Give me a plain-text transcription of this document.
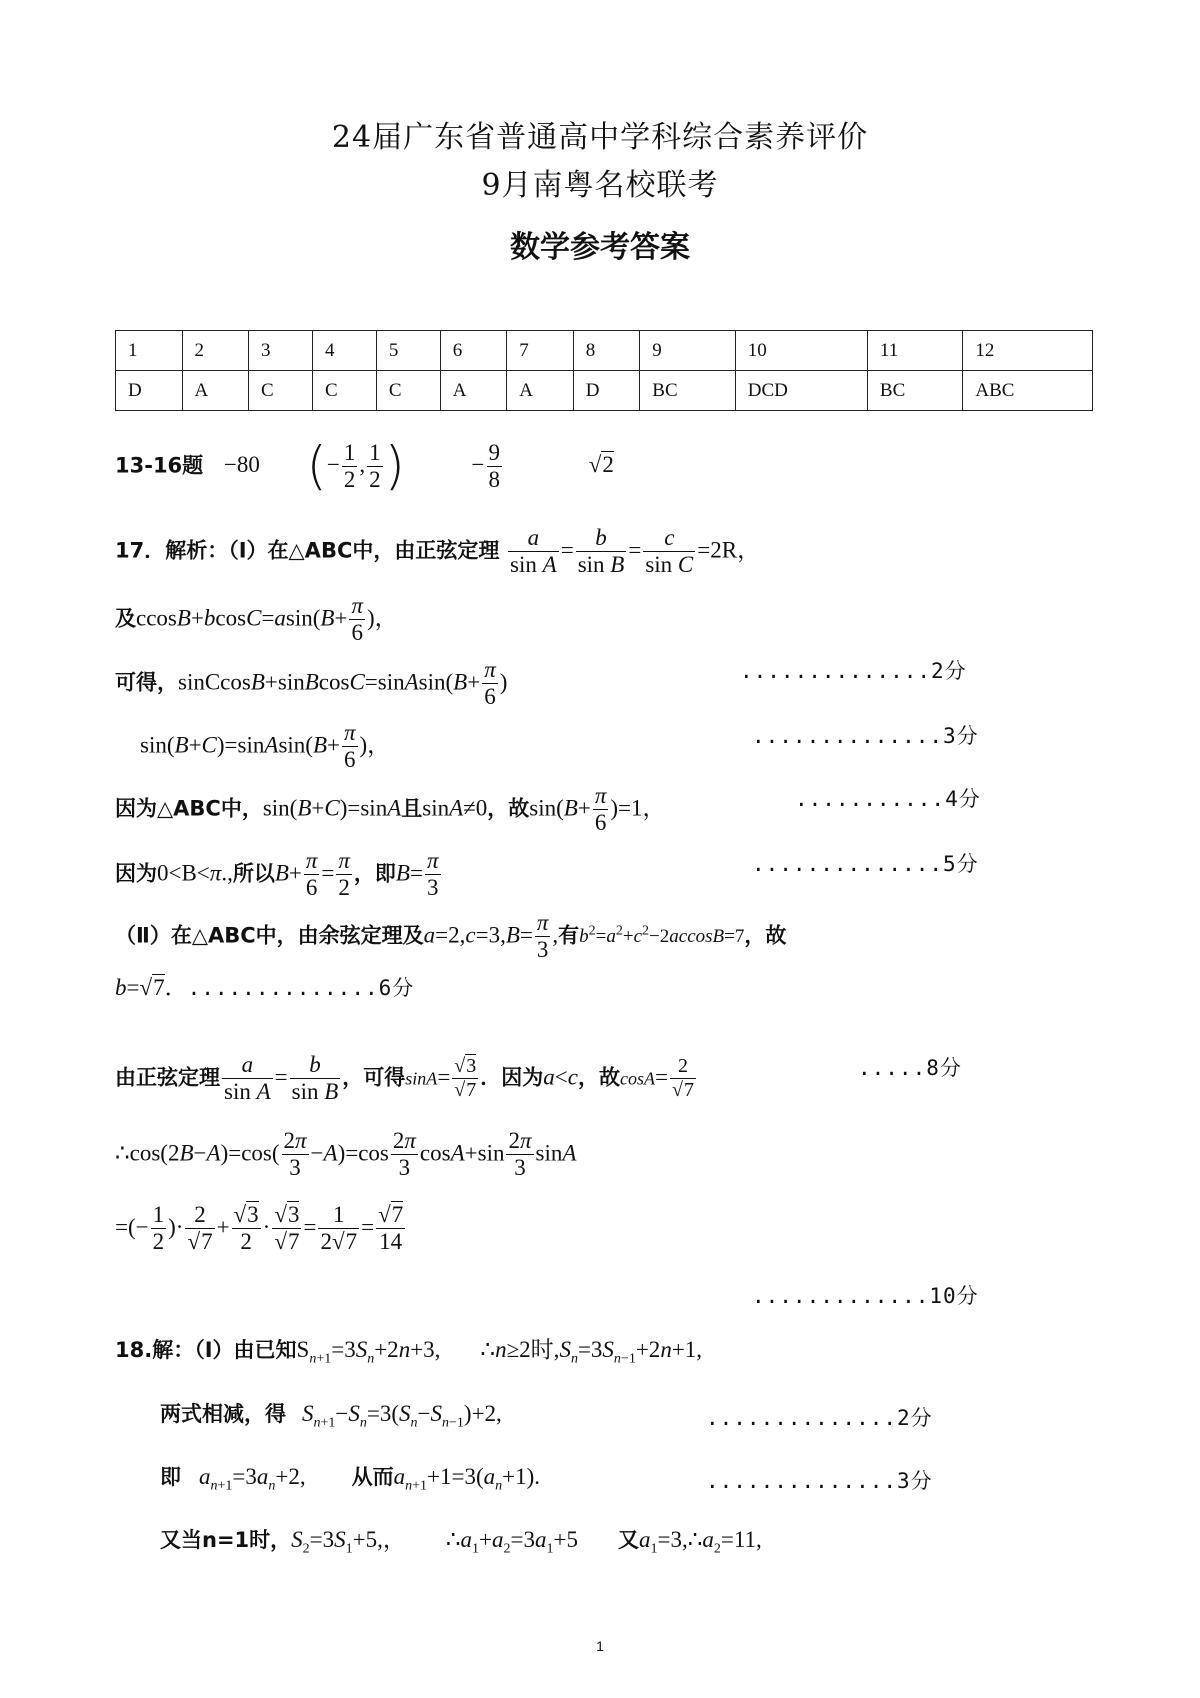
24届广东省普通高中学科综合素养评价
9月南粤名校联考
数学参考答案
1	2	3	4	5	6	7	8	9	10	11	12
D	A	C	C	C	A	A	D	BC	DCD	BC	ABC
13-16题 −80 (− $\frac{1}{2}$ , $\frac{1}{2}$ )	− $\frac{9}{8}$	√2
17．解析：（Ⅰ）在△ABC中，由正弦定理 $\frac{a}{\text{sin A}} = \frac{b}{\text{sin B}} = \frac{c}{\text{sin C}} =2R$，
及$ccosB+bcosC=asin(B+ \frac{\pi}{6}$ )，
可得，sinCcosB+sinBcosC=sinAsin(B+ $\frac{\pi}{6}$ )	..............2分
sin(B+C)=sinAsin(B+ $\frac{\pi}{6}$ )，	..............3分
因为△ABC中，sin(B+C)=sinA且sinA≠0，故$\sin(B+ \frac{\pi}{6} )=1$，	...........4分
因为0<B<π.,所以$B+ \frac{\pi}{6} = \frac{\pi}{2}$ ，即$B= \frac{\pi}{3}$	..............5分
（Ⅱ）在△ABC中，由余弦定理及$a=2,c=3,B= \frac{\pi}{3}$ ,有$b^2=a^2+c^2-2accosB=7$，故
b=√7．..............6分
由正弦定理 $\frac{a}{\text{sin A}} = \frac{b}{\text{sin B}}$ ，可得$\sin A= \frac{√3}{√7}$ ．因为a<c，故$\cos A= \frac{2}{√7}$	.....8分
∴cos(2B−A)=cos( $\frac{2\pi}{3} -A)=\cos \frac{2\pi}{3} \cos A+\sin \frac{2\pi}{3}$ sinA
=(− $\frac{1}{2}$ )· $\frac{2}{√7} + \frac{√3}{2} \cdot \frac{√3}{√7} = \frac{1}{2√7} = \frac{√7}{14}$
.............10分
18.解：（Ⅰ）由已知$S_{n+1}=3S_n+2n+3$, ∴n≥2时$,S_n=3S_{n-1}+2n+1$,
两式相减，得 $S_{n+1}-S_n=3(S_n-S_{n-1})+2$,	..............2分
即 $a_{n+1}=3a_n+2$, 从而$a_{n+1}+1=3(a_n+1)$.	..............3分
又当n=1时，$S_2=3S_1+5$,， $\therefore a_1+a_2=3a_1+5$ 又$a_1=3,\therefore a_2=11$,
1
